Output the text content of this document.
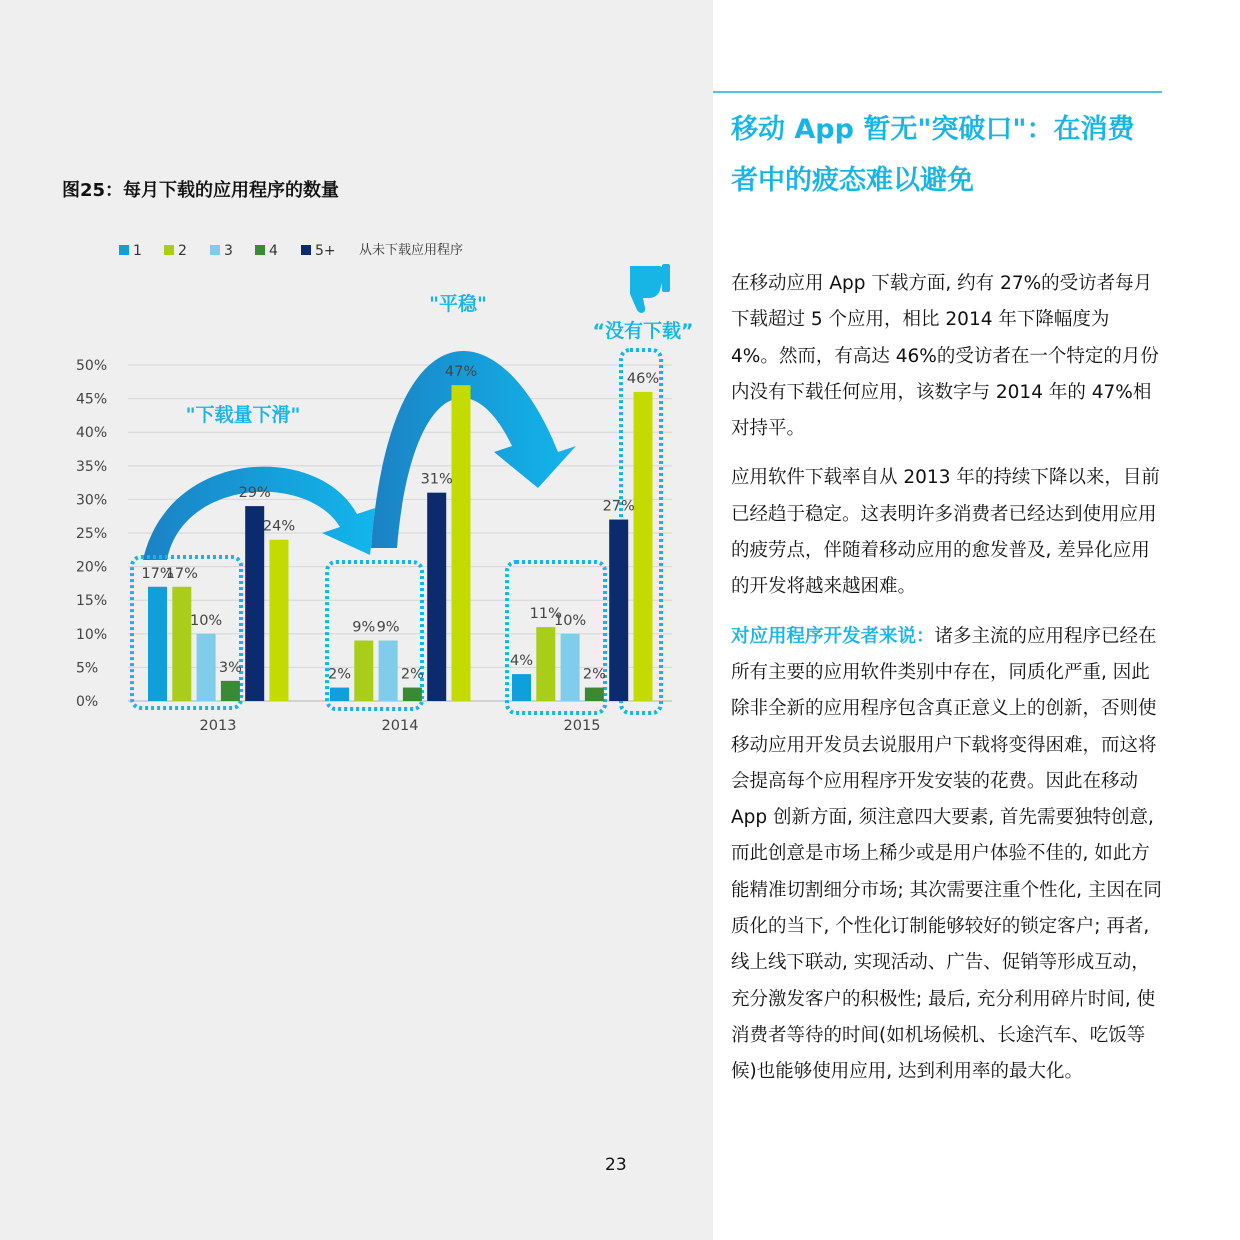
图25：每月下载的应用程序的数量
0%
5%
10%
15%
20%
25%
30%
35%
40%
45%
50%
17%
17%
10%
3%
29%
24%
2013
2%
9% 9%
2%
31%
47%
2014
4%
11%
10%
2%
27%
46%
2015
1	2	3	4	5+ 从未下载应用程序
"下载量下滑"
"平稳"
“没有下载”
23
移动 App 暂无"突破口"：在消费者中的疲态难以避免

在移动应用 App 下载方面, 约有 27%的受访者每月下载超过 5 个应用，相比 2014 年下降幅度为 4%。然而，有高达 46%的受访者在一个特定的月份内没有下载任何应用，该数字与 2014 年的 47%相对持平。

应用软件下载率自从 2013 年的持续下降以来，目前已经趋于稳定。这表明许多消费者已经达到使用应用的疲劳点，伴随着移动应用的愈发普及, 差异化应用的开发将越来越困难。

对应用程序开发者来说：诸多主流的应用程序已经在所有主要的应用软件类别中存在，同质化严重, 因此除非全新的应用程序包含真正意义上的创新，否则使移动应用开发员去说服用户下载将变得困难，而这将会提高每个应用程序开发安装的花费。因此在移动 App 创新方面, 须注意四大要素, 首先需要独特创意, 而此创意是市场上稀少或是用户体验不佳的, 如此方能精准切割细分市场; 其次需要注重个性化, 主因在同质化的当下, 个性化订制能够较好的锁定客户; 再者, 线上线下联动, 实现活动、广告、促销等形成互动，充分激发客户的积极性; 最后, 充分利用碎片时间, 使消费者等待的时间(如机场候机、长途汽车、吃饭等候)也能够使用应用, 达到利用率的最大化。
